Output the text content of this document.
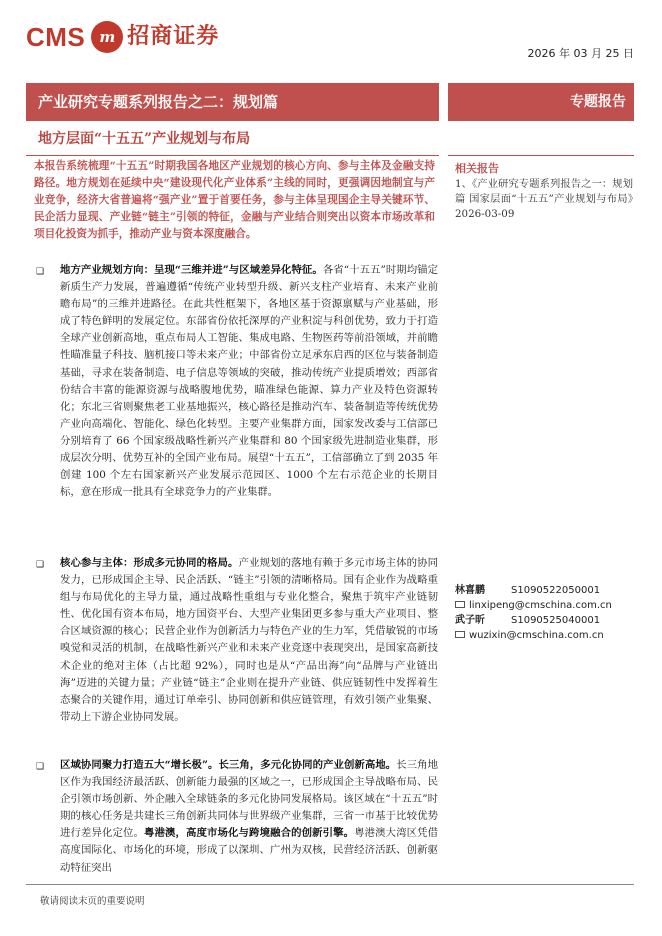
CMS m 招商证券
2026 年 03 月 25 日
产业研究专题系列报告之二：规划篇	专题报告
地方层面“十五五”产业规划与布局
本报告系统梳理“十五五”时期我国各地区产业规划的核心方向、参与主体及金融支持路径。地方规划在延续中央“建设现代化产业体系”主线的同时，更强调因地制宜与产业竞争，经济大省普遍将“强产业”置于首要任务，参与主体呈现国企主导关键环节、民企活力显现、产业链“链主”引领的特征，金融与产业结合则突出以资本市场改革和项目化投资为抓手，推动产业与资本深度融合。
相关报告
1、《产业研究专题系列报告之一：规划篇 国家层面“十五五”产业规划与布局》2026-03-09
❑ 地方产业规划方向：呈现“三维并进”与区域差异化特征。各省“十五五”时期均锚定新质生产力发展，普遍遵循“传统产业转型升级、新兴支柱产业培育、未来产业前瞻布局”的三维并进路径。在此共性框架下，各地区基于资源禀赋与产业基础，形成了特色鲜明的发展定位。东部省份依托深厚的产业积淀与科创优势，致力于打造全球产业创新高地，重点布局人工智能、集成电路、生物医药等前沿领域，并前瞻性瞄准量子科技、脑机接口等未来产业；中部省份立足承东启西的区位与装备制造基础，寻求在装备制造、电子信息等领域的突破，推动传统产业提质增效；西部省份结合丰富的能源资源与战略腹地优势，瞄准绿色能源、算力产业及特色资源转化；东北三省则聚焦老工业基地振兴，核心路径是推动汽车、装备制造等传统优势产业向高端化、智能化、绿色化转型。主要产业集群方面，国家发改委与工信部已分别培育了 66 个国家级战略性新兴产业集群和 80 个国家级先进制造业集群，形成层次分明、优势互补的全国产业布局。展望“十五五”，工信部确立了到 2035 年创建 100 个左右国家新兴产业发展示范园区、1000 个左右示范企业的长期目标，意在形成一批具有全球竞争力的产业集群。
❑ 核心参与主体：形成多元协同的格局。产业规划的落地有赖于多元市场主体的协同发力，已形成国企主导、民企活跃、“链主”引领的清晰格局。国有企业作为战略重组与布局优化的主导力量，通过战略性重组与专业化整合，聚焦于筑牢产业链韧性、优化国有资本布局，地方国资平台、大型产业集团更多参与重大产业项目、整合区域资源的核心；民营企业作为创新活力与特色产业的生力军，凭借敏锐的市场嗅觉和灵活的机制，在战略性新兴产业和未来产业竞逐中表现突出，是国家高新技术企业的绝对主体（占比超 92%），同时也是从“产品出海”向“品牌与产业链出海”迈进的关键力量；产业链“链主”企业则在提升产业链、供应链韧性中发挥着生态聚合的关键作用，通过订单牵引、协同创新和供应链管理，有效引领产业集聚、带动上下游企业协同发展。
❑ 区域协同聚力打造五大“增长极”。长三角，多元化协同的产业创新高地。长三角地区作为我国经济最活跃、创新能力最强的区域之一，已形成国企主导战略布局、民企引领市场创新、外企融入全球链条的多元化协同发展格局。该区域在“十五五”时期的核心任务是共建长三角创新共同体与世界级产业集群，三省一市基于比较优势进行差异化定位。粤港澳，高度市场化与跨境融合的创新引擎。粤港澳大湾区凭借高度国际化、市场化的环境，形成了以深圳、广州为双核，民营经济活跃、创新驱动特征突出
林喜鹏	S1090522050001
linxipeng@cmschina.com.cn
武子昕	S1090525040001
wuzixin@cmschina.com.cn
敬请阅读末页的重要说明
